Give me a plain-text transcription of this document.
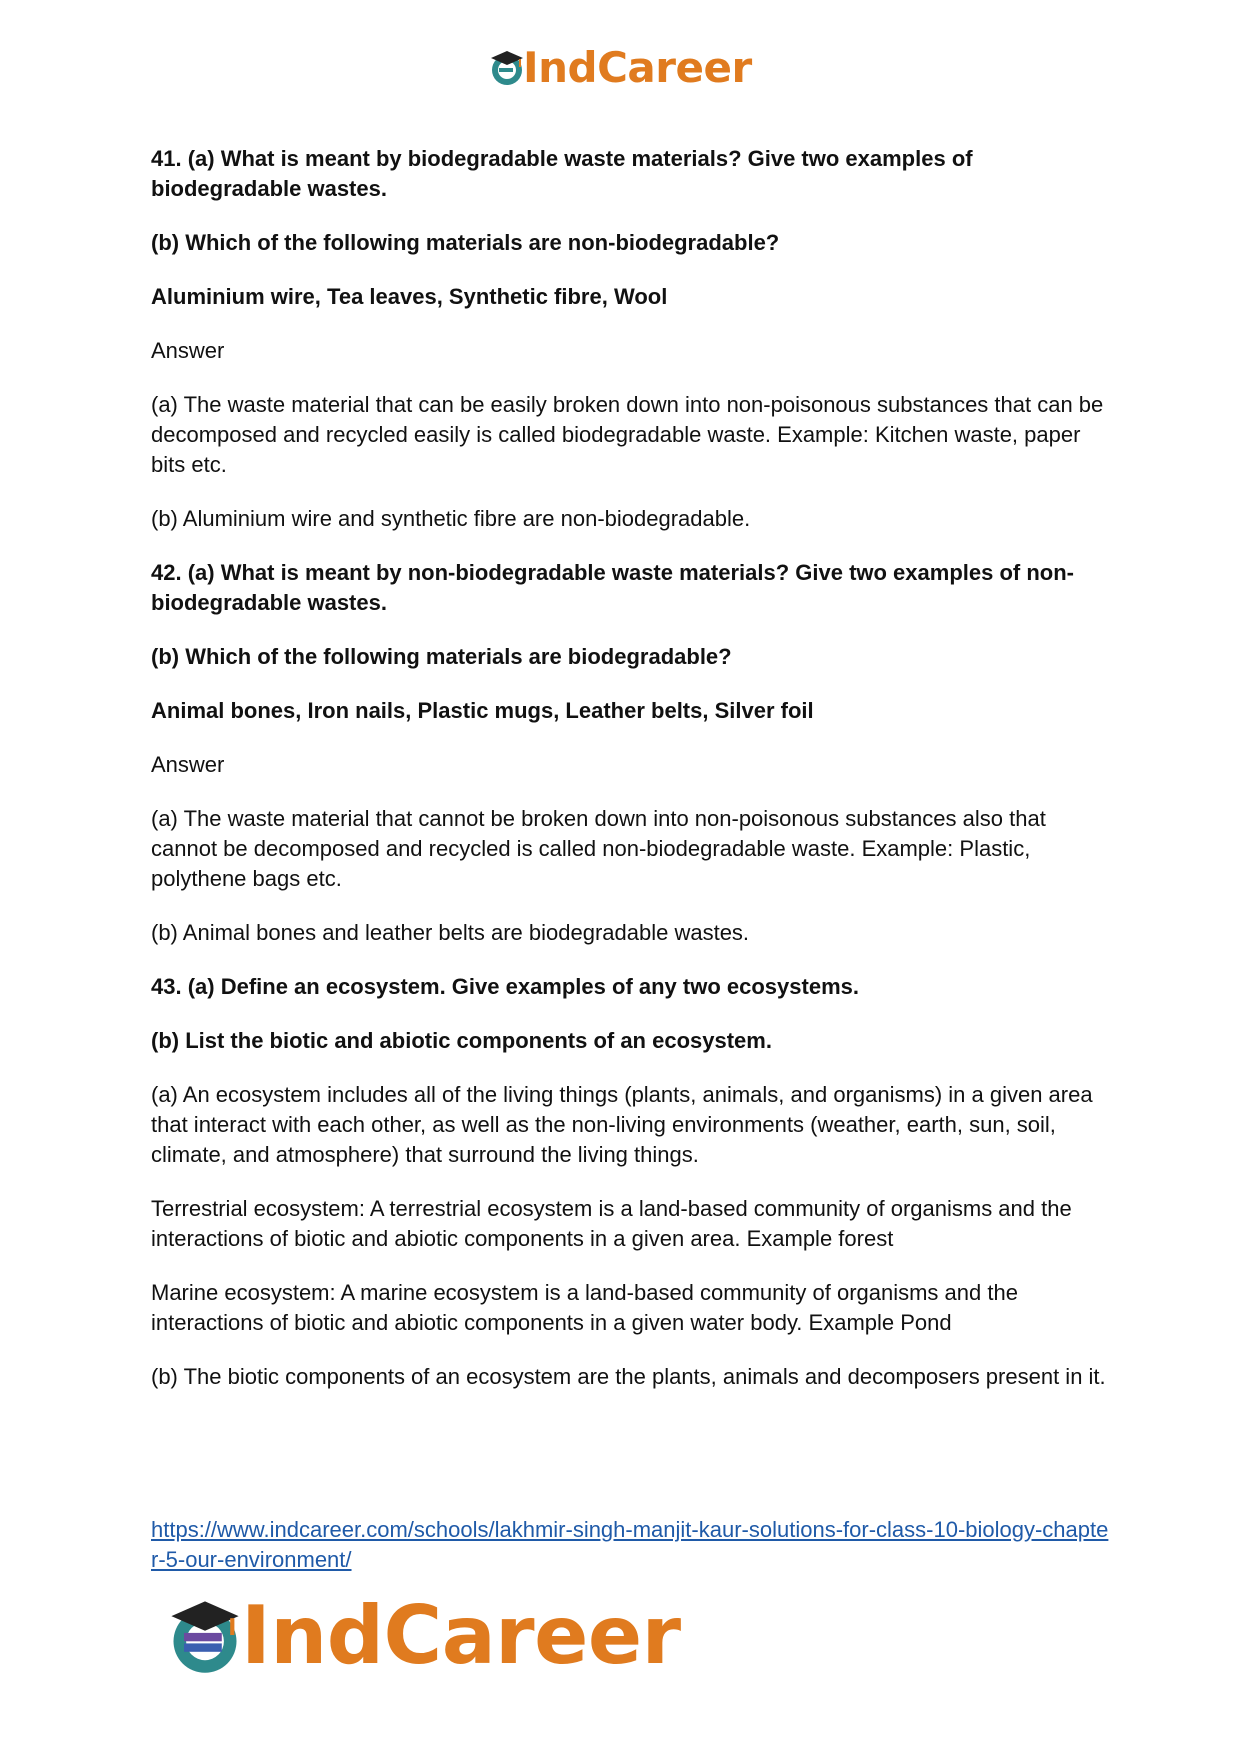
IndCareer

41. (a) What is meant by biodegradable waste materials? Give two examples of biodegradable wastes.

(b) Which of the following materials are non-biodegradable?

Aluminium wire, Tea leaves, Synthetic fibre, Wool

Answer

(a) The waste material that can be easily broken down into non-poisonous substances that can be decomposed and recycled easily is called biodegradable waste. Example: Kitchen waste, paper bits etc.

(b) Aluminium wire and synthetic fibre are non-biodegradable.

42. (a) What is meant by non-biodegradable waste materials? Give two examples of non-biodegradable wastes.

(b) Which of the following materials are biodegradable?

Animal bones, Iron nails, Plastic mugs, Leather belts, Silver foil

Answer

(a) The waste material that cannot be broken down into non-poisonous substances also that cannot be decomposed and recycled is called non-biodegradable waste. Example: Plastic, polythene bags etc.

(b) Animal bones and leather belts are biodegradable wastes.

43. (a) Define an ecosystem. Give examples of any two ecosystems.

(b) List the biotic and abiotic components of an ecosystem.

(a) An ecosystem includes all of the living things (plants, animals, and organisms) in a given area that interact with each other, as well as the non-living environments (weather, earth, sun, soil, climate, and atmosphere) that surround the living things.

Terrestrial ecosystem: A terrestrial ecosystem is a land-based community of organisms and the interactions of biotic and abiotic components in a given area. Example forest

Marine ecosystem: A marine ecosystem is a land-based community of organisms and the interactions of biotic and abiotic components in a given water body. Example Pond

(b) The biotic components of an ecosystem are the plants, animals and decomposers present in it.

https://www.indcareer.com/schools/lakhmir-singh-manjit-kaur-solutions-for-class-10-biology-chapter-5-our-environment/
IndCareer
